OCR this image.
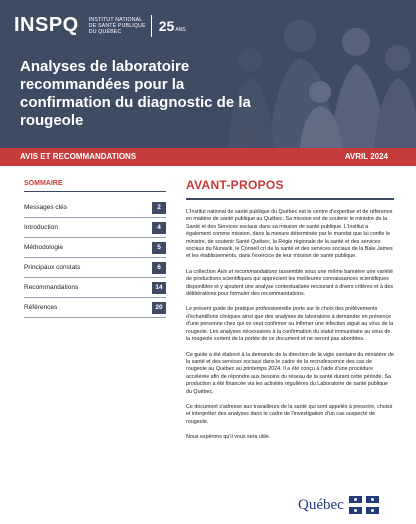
INSPQ INSTITUT NATIONAL DE SANTÉ PUBLIQUE DU QUÉBEC	25 ANS
Analyses de laboratoire recommandées pour la confirmation du diagnostic de la rougeole
AVIS ET RECOMMANDATIONS	AVRIL 2024
SOMMAIRE
Messages clés	2
Introduction	4
Méthodologie	5
Principaux constats	6
Recommandations	14
Références	20
AVANT-PROPOS

L'Institut national de santé publique du Québec est le centre d'expertise et de référence en matière de santé publique au Québec. Sa mission est de soutenir le ministre de la Santé et des Services sociaux dans sa mission de santé publique. L'Institut a également comme mission, dans la mesure déterminée par le mandat que lui confie le ministre, de soutenir Santé Québec, la Régie régionale de la santé et des services sociaux du Nunavik, le Conseil cri de la santé et des services sociaux de la Baie James et les établissements, dans l'exercice de leur mission de santé publique.

La collection Avis et recommandations rassemble sous une même bannière une variété de productions scientifiques qui apprécient les meilleures connaissances scientifiques disponibles et y ajoutent une analyse contextualisée recourant à divers critères et à des délibérations pour formuler des recommandations.

Le présent guide de pratique professionnelle porte sur le choix des prélèvements d'échantillons cliniques ainsi que des analyses de laboratoire à demander en présence d'une personne chez qui on veut confirmer ou infirmer une infection aiguë au virus de la rougeole. Les analyses nécessaires à la confirmation du statut immunitaire au virus de la rougeole sortent de la portée de ce document et ne seront pas abordées.

Ce guide a été élaboré à la demande de la direction de la vigie sanitaire du ministère de la santé et des services sociaux dans le cadre de la recrudescence des cas de rougeole au Québec au printemps 2024. Il a été conçu à l'aide d'une procédure accélérée afin de répondre aux besoins du réseau de la santé durant cette période. Sa production a été financée via les activités régulières du Laboratoire de santé publique du Québec.

Ce document s'adresse aux travailleurs de la santé qui sont appelés à prescrire, choisir et interpréter des analyses dans le cadre de l'investigation d'un cas suspecté de rougeole.

Nous espérons qu'il vous sera utile.

Québec
